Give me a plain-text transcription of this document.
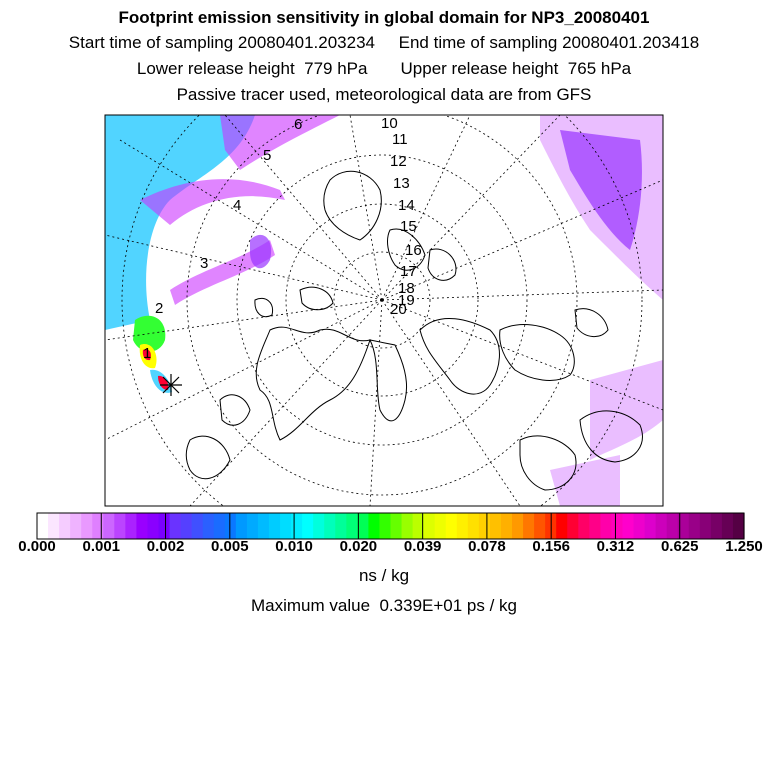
Footprint emission sensitivity in global domain for NP3_20080401
Start time of sampling 20080401.203234     End time of sampling 20080401.203418
Lower release height  779 hPa       Upper release height  765 hPa
Passive tracer used, meteorological data are from GFS
1
2
3
4
5
6	10
11
12
13
14
15
16
17
18
19
20
0.000 0.001 0.002 0.005 0.010 0.020 0.039 0.078 0.156 0.312 0.625 1.250
ns / kg
Maximum value  0.339E+01 ps / kg
